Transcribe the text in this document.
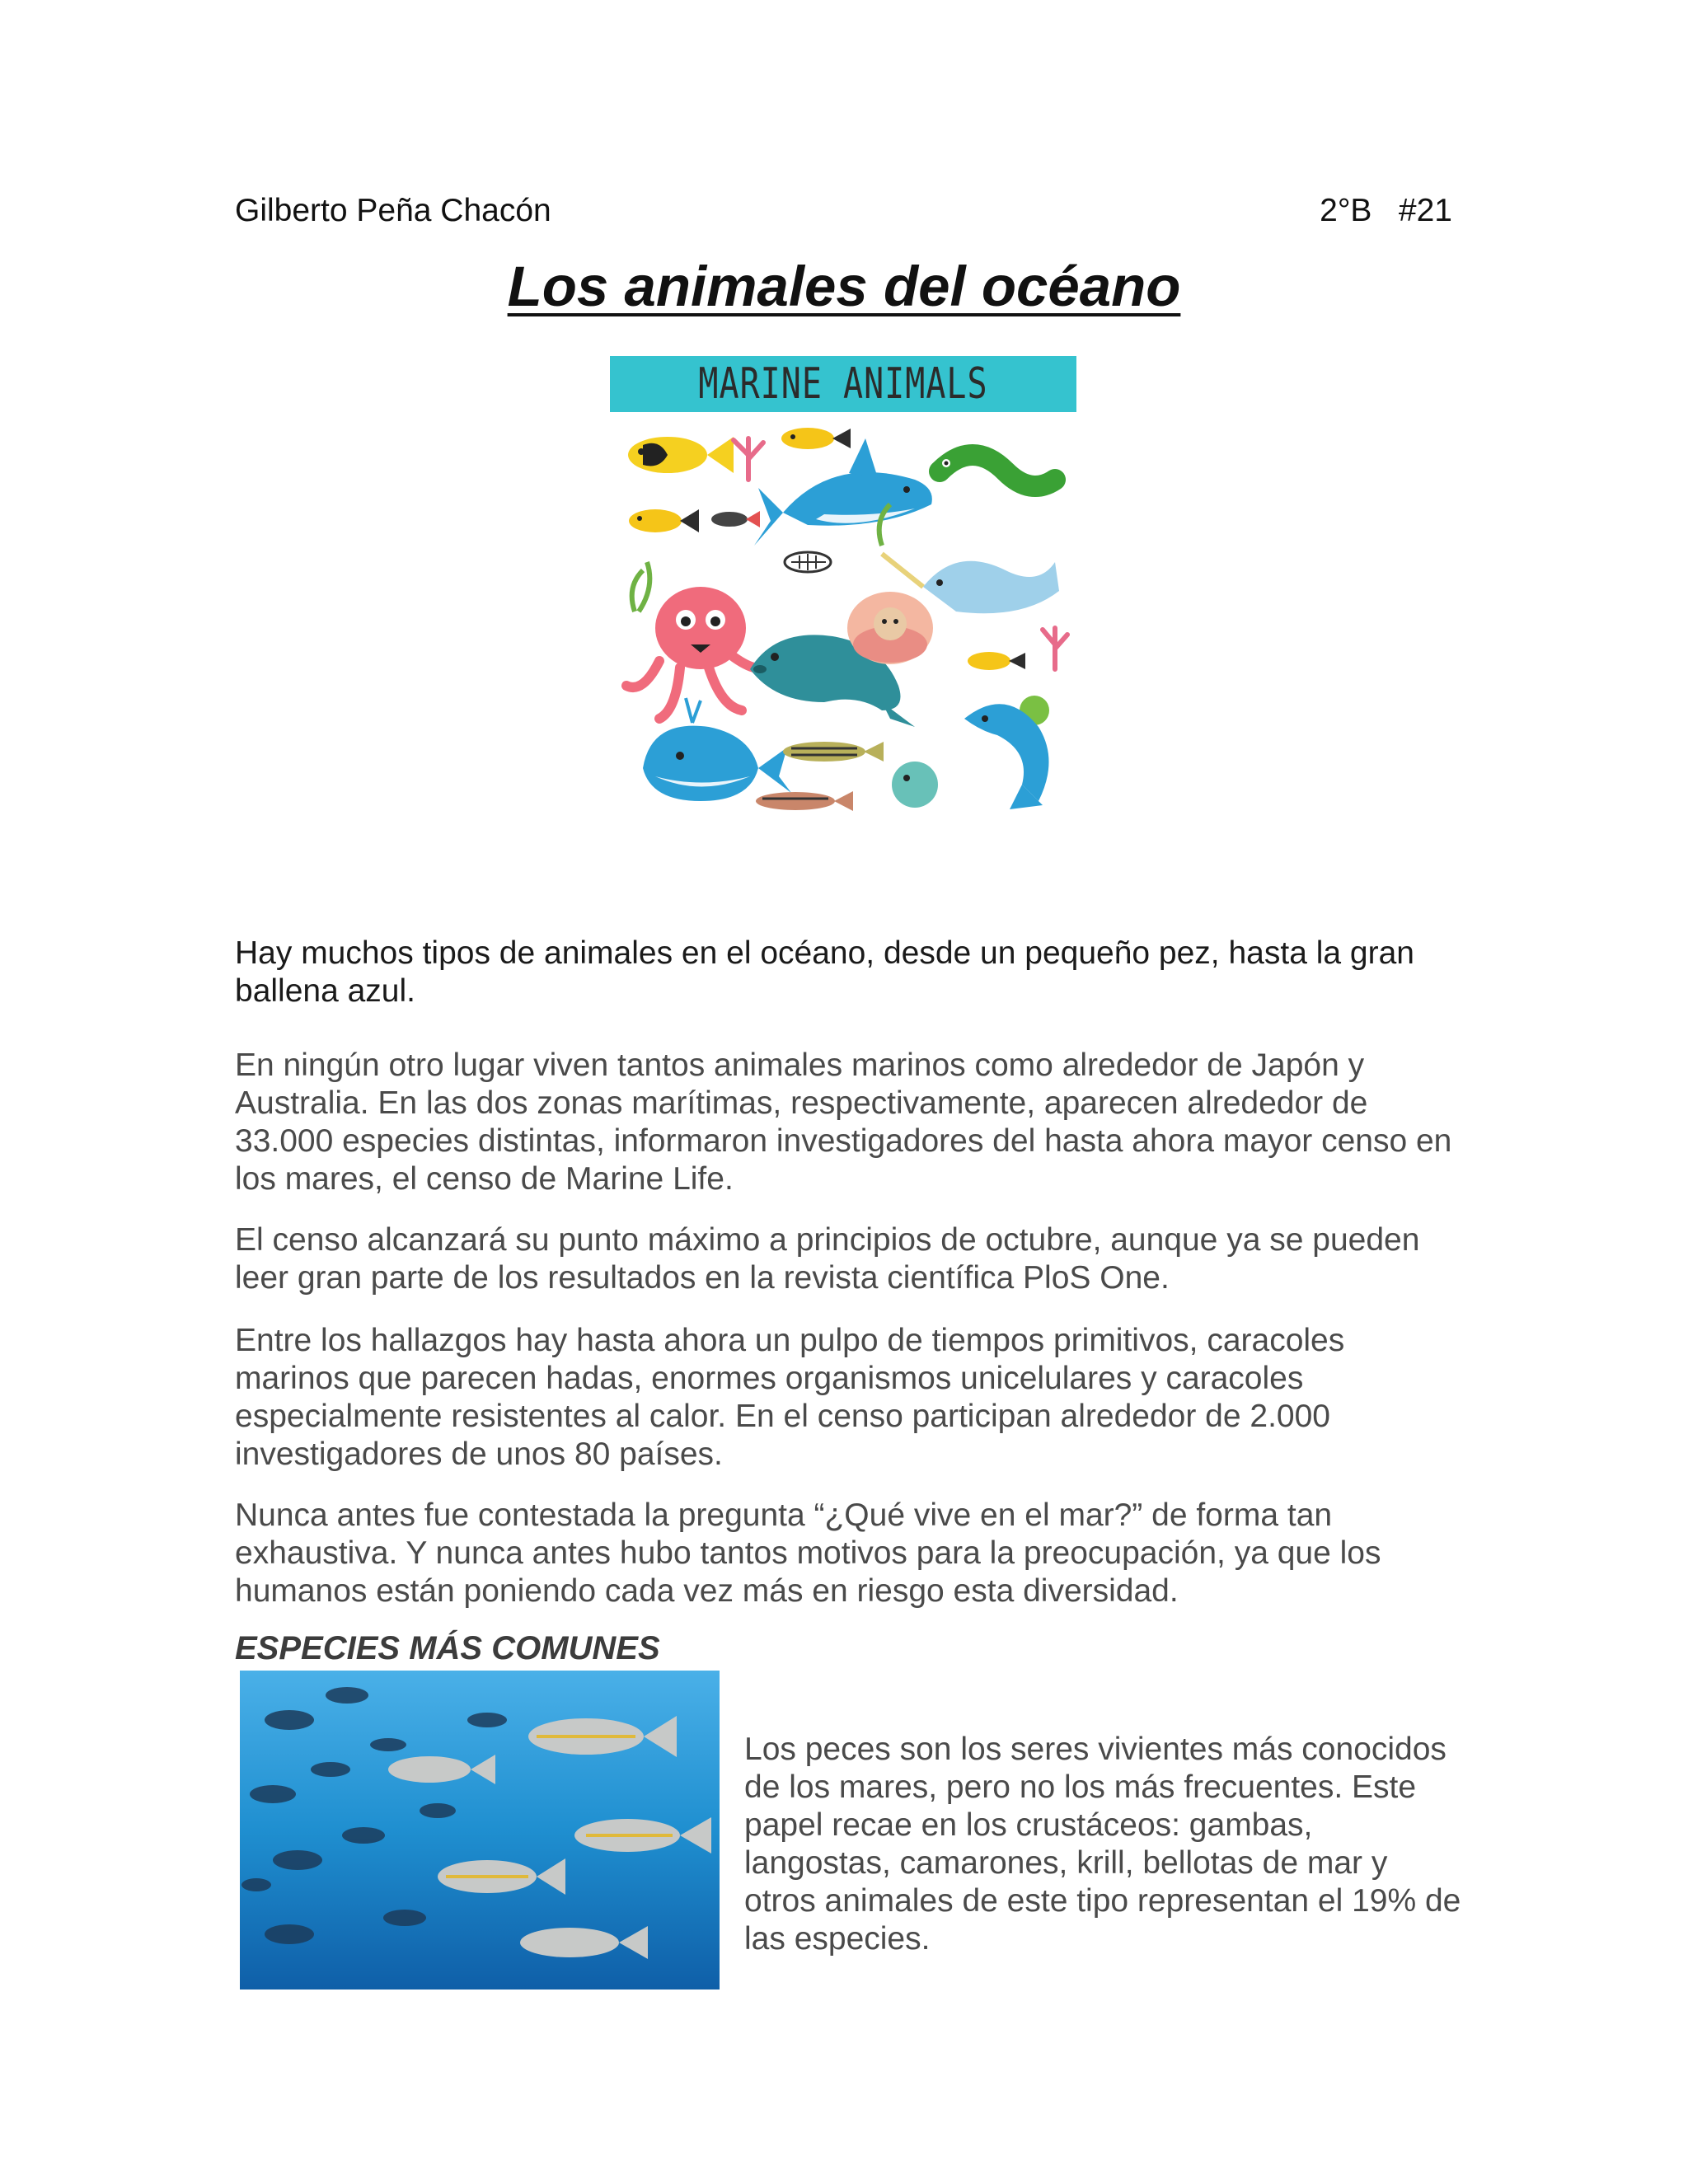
Gilberto Peña Chacón	2°B   #21
Los animales del océano
MARINE ANIMALS
Hay muchos tipos de animales en el océano, desde un pequeño pez, hasta la gran ballena azul.
En ningún otro lugar viven tantos animales marinos como alrededor de Japón y Australia. En las dos zonas marítimas, respectivamente, aparecen alrededor de 33.000 especies distintas, informaron investigadores del hasta ahora mayor censo en los mares, el censo de Marine Life.
El censo alcanzará su punto máximo a principios de octubre, aunque ya se pueden leer gran parte de los resultados en la revista científica PloS One.
Entre los hallazgos hay hasta ahora un pulpo de tiempos primitivos, caracoles marinos que parecen hadas, enormes organismos unicelulares y caracoles especialmente resistentes al calor. En el censo participan alrededor de 2.000 investigadores de unos 80 países.
Nunca antes fue contestada la pregunta “¿Qué vive en el mar?” de forma tan exhaustiva. Y nunca antes hubo tantos motivos para la preocupación, ya que los humanos están poniendo cada vez más en riesgo esta diversidad.
ESPECIES MÁS COMUNES
Los peces son los seres vivientes más conocidos de los mares, pero no los más frecuentes. Este papel recae en los crustáceos: gambas, langostas, camarones, krill, bellotas de mar y otros animales de este tipo representan el 19% de las especies.
